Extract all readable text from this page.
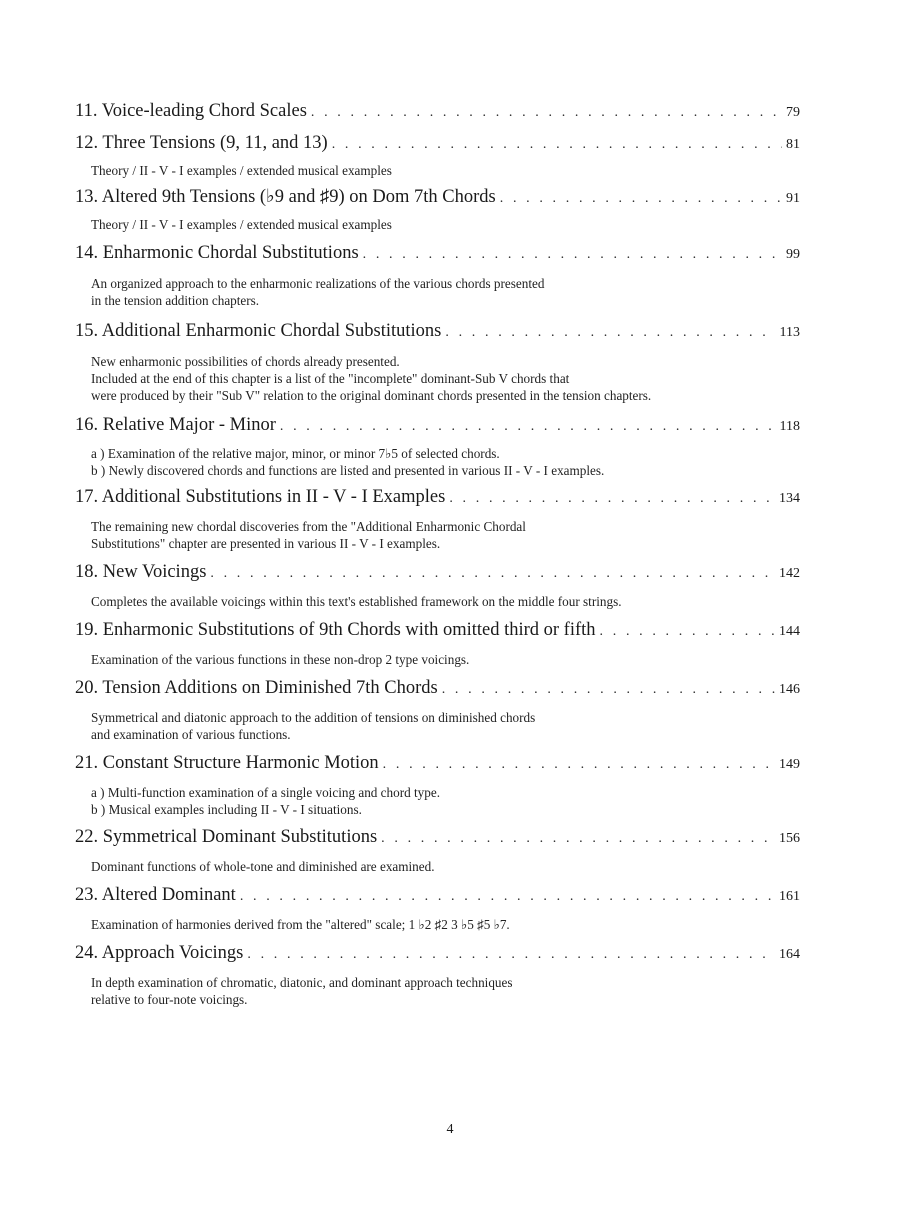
11. Voice-leading Chord Scales . . .	79
12. Three Tensions (9, 11, and 13) . . .	81
Theory / II - V - I examples / extended musical examples
13. Altered 9th Tensions (♭9 and ♯9) on Dom 7th Chords . . .	91
Theory / II - V - I examples / extended musical examples
14. Enharmonic Chordal Substitutions . . .	99
An organized approach to the enharmonic realizations of the various chords presented
in the tension addition chapters.
15. Additional Enharmonic Chordal Substitutions . . .	113
New enharmonic possibilities of chords already presented.
Included at the end of this chapter is a list of the "incomplete" dominant-Sub V chords that
were produced by their "Sub V" relation to the original dominant chords presented in the tension chapters.
16. Relative Major - Minor . . .	118
a ) Examination of the relative major, minor, or minor 7♭5 of selected chords.
b ) Newly discovered chords and functions are listed and presented in various II - V - I examples.
17. Additional Substitutions in II - V - I Examples . . .	134
The remaining new chordal discoveries from the "Additional Enharmonic Chordal
Substitutions" chapter are presented in various II - V - I examples.
18. New Voicings . . .	142
Completes the available voicings within this text's established framework on the middle four strings.
19. Enharmonic Substitutions of 9th Chords with omitted third or fifth . . .	144
Examination of the various functions in these non-drop 2 type voicings.
20. Tension Additions on Diminished 7th Chords . . .	146
Symmetrical and diatonic approach to the addition of tensions on diminished chords
and examination of various functions.
21. Constant Structure Harmonic Motion . . .	149
a ) Multi-function examination of a single voicing and chord type.
b ) Musical examples including II - V - I situations.
22. Symmetrical Dominant Substitutions . . .	156
Dominant functions of whole-tone and diminished are examined.
23. Altered Dominant . . .	161
Examination of harmonies derived from the "altered" scale; 1 ♭2 ♯2 3 ♭5 ♯5 ♭7.
24. Approach Voicings . . .	164
In depth examination of chromatic, diatonic, and dominant approach techniques
relative to four-note voicings.
4
